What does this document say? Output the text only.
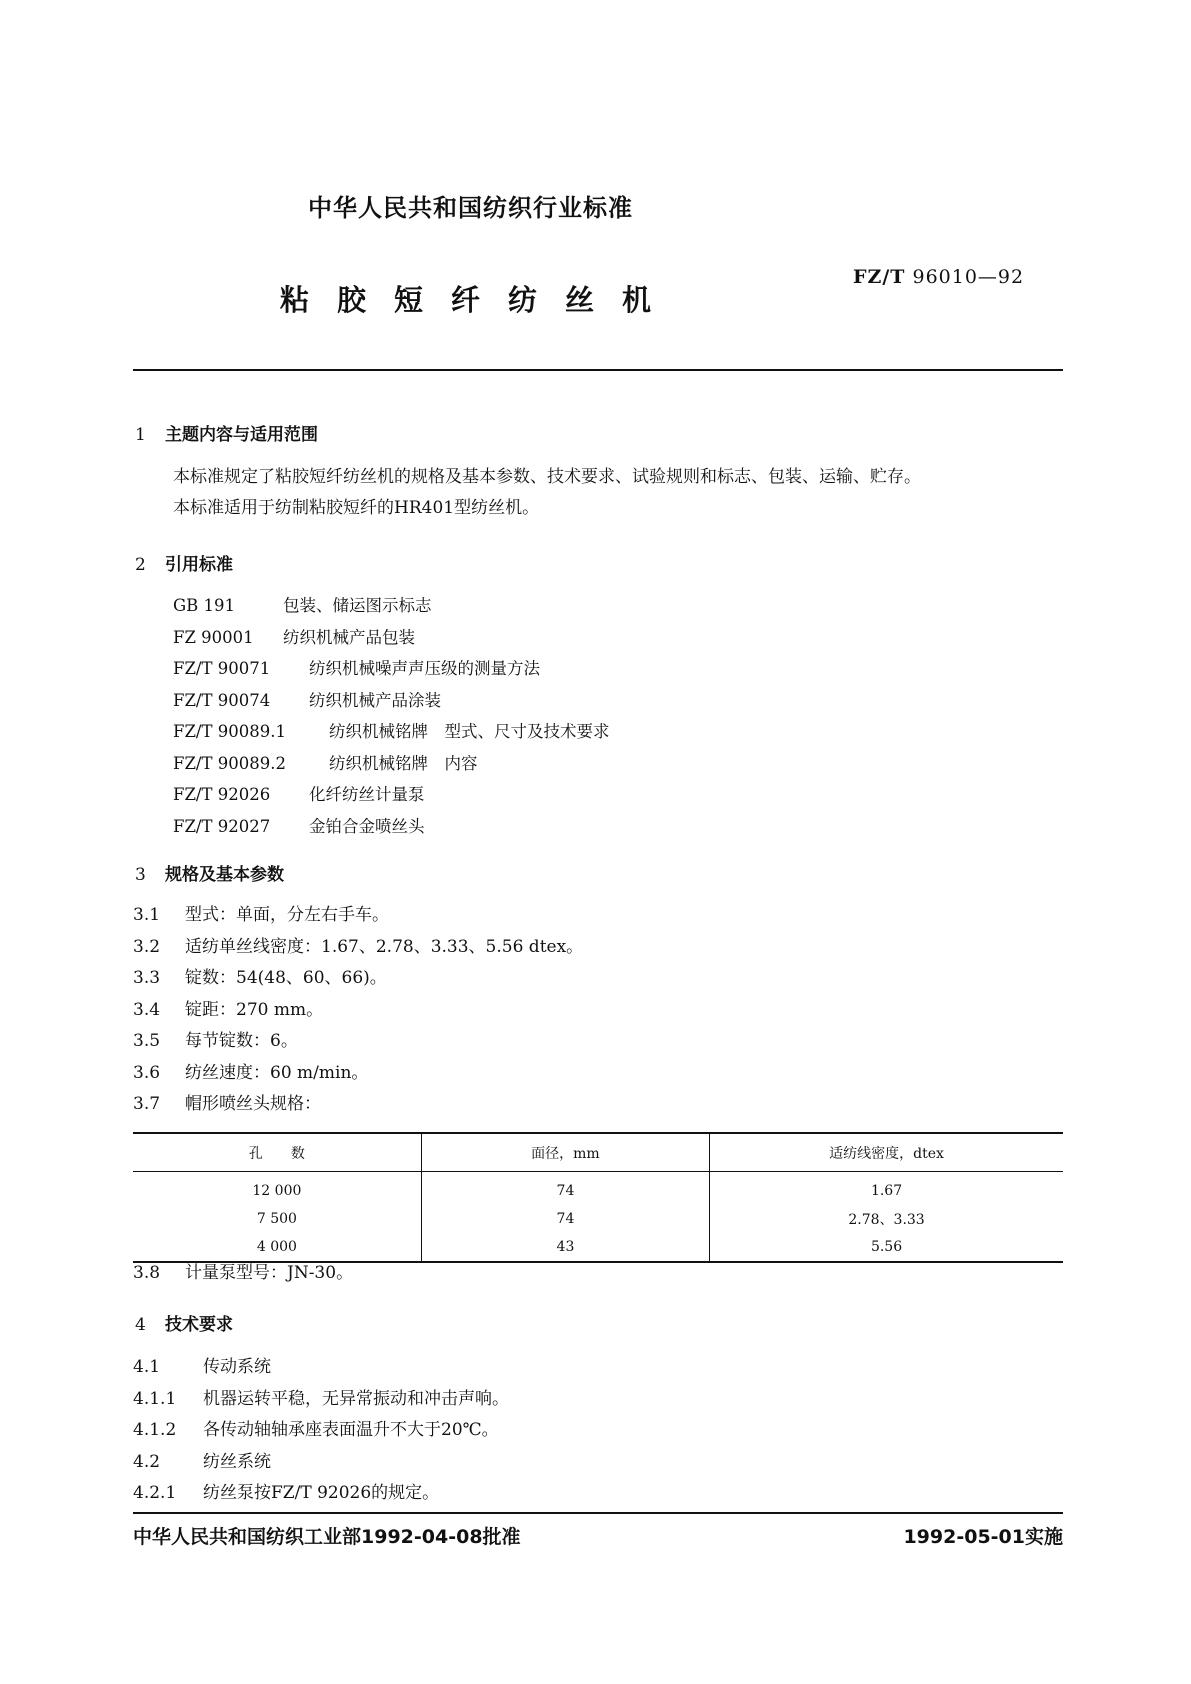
中华人民共和国纺织行业标准
粘胶短纤纺丝机
FZ/T 96010—92
1 主题内容与适用范围
本标准规定了粘胶短纤纺丝机的规格及基本参数、技术要求、试验规则和标志、包装、运输、贮存。
本标准适用于纺制粘胶短纤的HR401型纺丝机。
2 引用标准
GB 191	包装、储运图示标志
FZ 90001 纺织机械产品包装
FZ/T 90071 纺织机械噪声声压级的测量方法
FZ/T 90074 纺织机械产品涂装
FZ/T 90089.1	纺织机械铭牌　型式、尺寸及技术要求
FZ/T 90089.2	纺织机械铭牌　内容
FZ/T 92026 化纤纺丝计量泵
FZ/T 92027 金铂合金喷丝头
3 规格及基本参数
3.1 型式：单面，分左右手车。
3.2 适纺单丝线密度：1.67、2.78、3.33、5.56 dtex。
3.3 锭数：54(48、60、66)。
3.4 锭距：270 mm。
3.5 每节锭数：6。
3.6 纺丝速度：60 m/min。
3.7 帽形喷丝头规格：
孔　　数	面径，mm	适纺线密度，dtex
12 000	74	1.67
7 500	74	2.78、3.33
4 000	43	5.56
3.8 计量泵型号：JN-30。
4 技术要求
4.1	传动系统
4.1.1 机器运转平稳，无异常振动和冲击声响。
4.1.2 各传动轴轴承座表面温升不大于20℃。
4.2	纺丝系统
4.2.1 纺丝泵按FZ/T 92026的规定。
中华人民共和国纺织工业部1992-04-08批准	1992-05-01实施
